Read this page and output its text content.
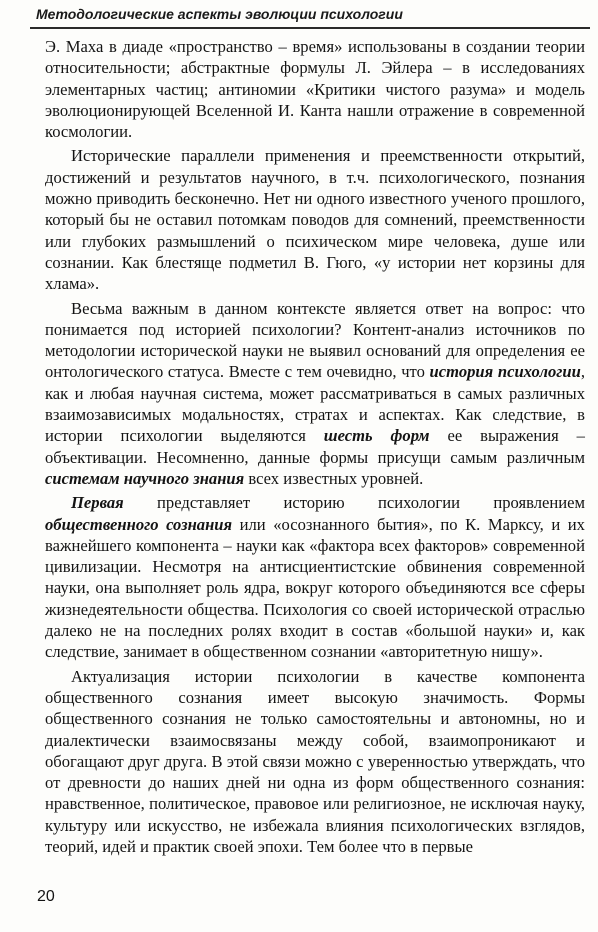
Методологические аспекты эволюции психологии

Э. Маха в диаде «пространство – время» использованы в создании теории относительности; абстрактные формулы Л. Эйлера – в исследованиях элементарных частиц; антиномии «Критики чистого разума» и модель эволюционирующей Вселенной И. Канта нашли отражение в современной космологии.

Исторические параллели применения и преемственности открытий, достижений и результатов научного, в т.ч. психологического, познания можно приводить бесконечно. Нет ни одного известного ученого прошлого, который бы не оставил потомкам поводов для сомнений, преемственности или глубоких размышлений о психическом мире человека, душе или сознании. Как блестяще подметил В. Гюго, «у истории нет корзины для хлама».

Весьма важным в данном контексте является ответ на вопрос: что понимается под историей психологии? Контент-анализ источников по методологии исторической науки не выявил оснований для определения ее онтологического статуса. Вместе с тем очевидно, что история психологии, как и любая научная система, может рассматриваться в самых различных взаимозависимых модальностях, стратах и аспектах. Как следствие, в истории психологии выделяются шесть форм ее выражения – объективации. Несомненно, данные формы присущи самым различным системам научного знания всех известных уровней.

Первая представляет историю психологии проявлением общественного сознания или «осознанного бытия», по К. Марксу, и их важнейшего компонента – науки как «фактора всех факторов» современной цивилизации. Несмотря на антисциентистские обвинения современной науки, она выполняет роль ядра, вокруг которого объединяются все сферы жизнедеятельности общества. Психология со своей исторической отраслью далеко не на последних ролях входит в состав «большой науки» и, как следствие, занимает в общественном сознании «авторитетную нишу».

Актуализация истории психологии в качестве компонента общественного сознания имеет высокую значимость. Формы общественного сознания не только самостоятельны и автономны, но и диалектически взаимосвязаны между собой, взаимопроникают и обогащают друг друга. В этой связи можно с уверенностью утверждать, что от древности до наших дней ни одна из форм общественного сознания: нравственное, политическое, правовое или религиозное, не исключая науку, культуру или искусство, не избежала влияния психологических взглядов, теорий, идей и практик своей эпохи. Тем более что в первые

20
